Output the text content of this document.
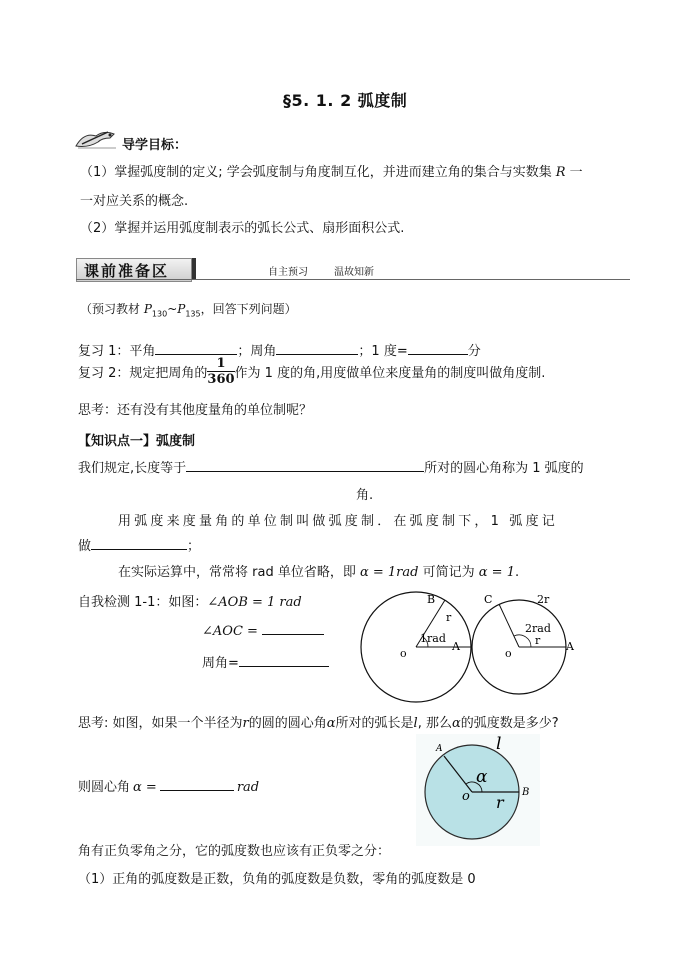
§5. 1. 2 弧度制
导学目标：
（1）掌握弧度制的定义; 学会弧度制与角度制互化，并进而建立角的集合与实数集 R 一
一对应关系的概念.
（2）掌握并运用弧度制表示的弧长公式、扇形面积公式.
课前准备区	自主预习	温故知新
（预习教材 $P_{130}\sim P_{135}$，回答下列问题）
复习 1：平角	；周角	；1 度=	分
复习 2：规定把周角的 $\frac{1}{360}$ 作为 1 度的角,用度做单位来度量角的制度叫做角度制.
思考：还有没有其他度量角的单位制呢？
【知识点一】弧度制
我们规定,长度等于	所对的圆心角称为 1 弧度的
角.
用弧度来度量角的单位制叫做弧度制．在弧度制下，1 弧度记
做	；
在实际运算中，常常将 rad 单位省略，即 α = 1rad 可简记为 α = 1.
自我检测 1-1：如图：∠AOB = 1 rad
∠AOC =
周角=
B
r
1rad
A
o
C	2r
2rad
r A
o
思考: 如图，如果一个半径为r的圆的圆心角α所对的弧长是l, 那么α的弧度数是多少?
则圆心角 α =	rad
A	l
α
o r
B
角有正负零角之分，它的弧度数也应该有正负零之分：
（1）正角的弧度数是正数，负角的弧度数是负数，零角的弧度数是 0
